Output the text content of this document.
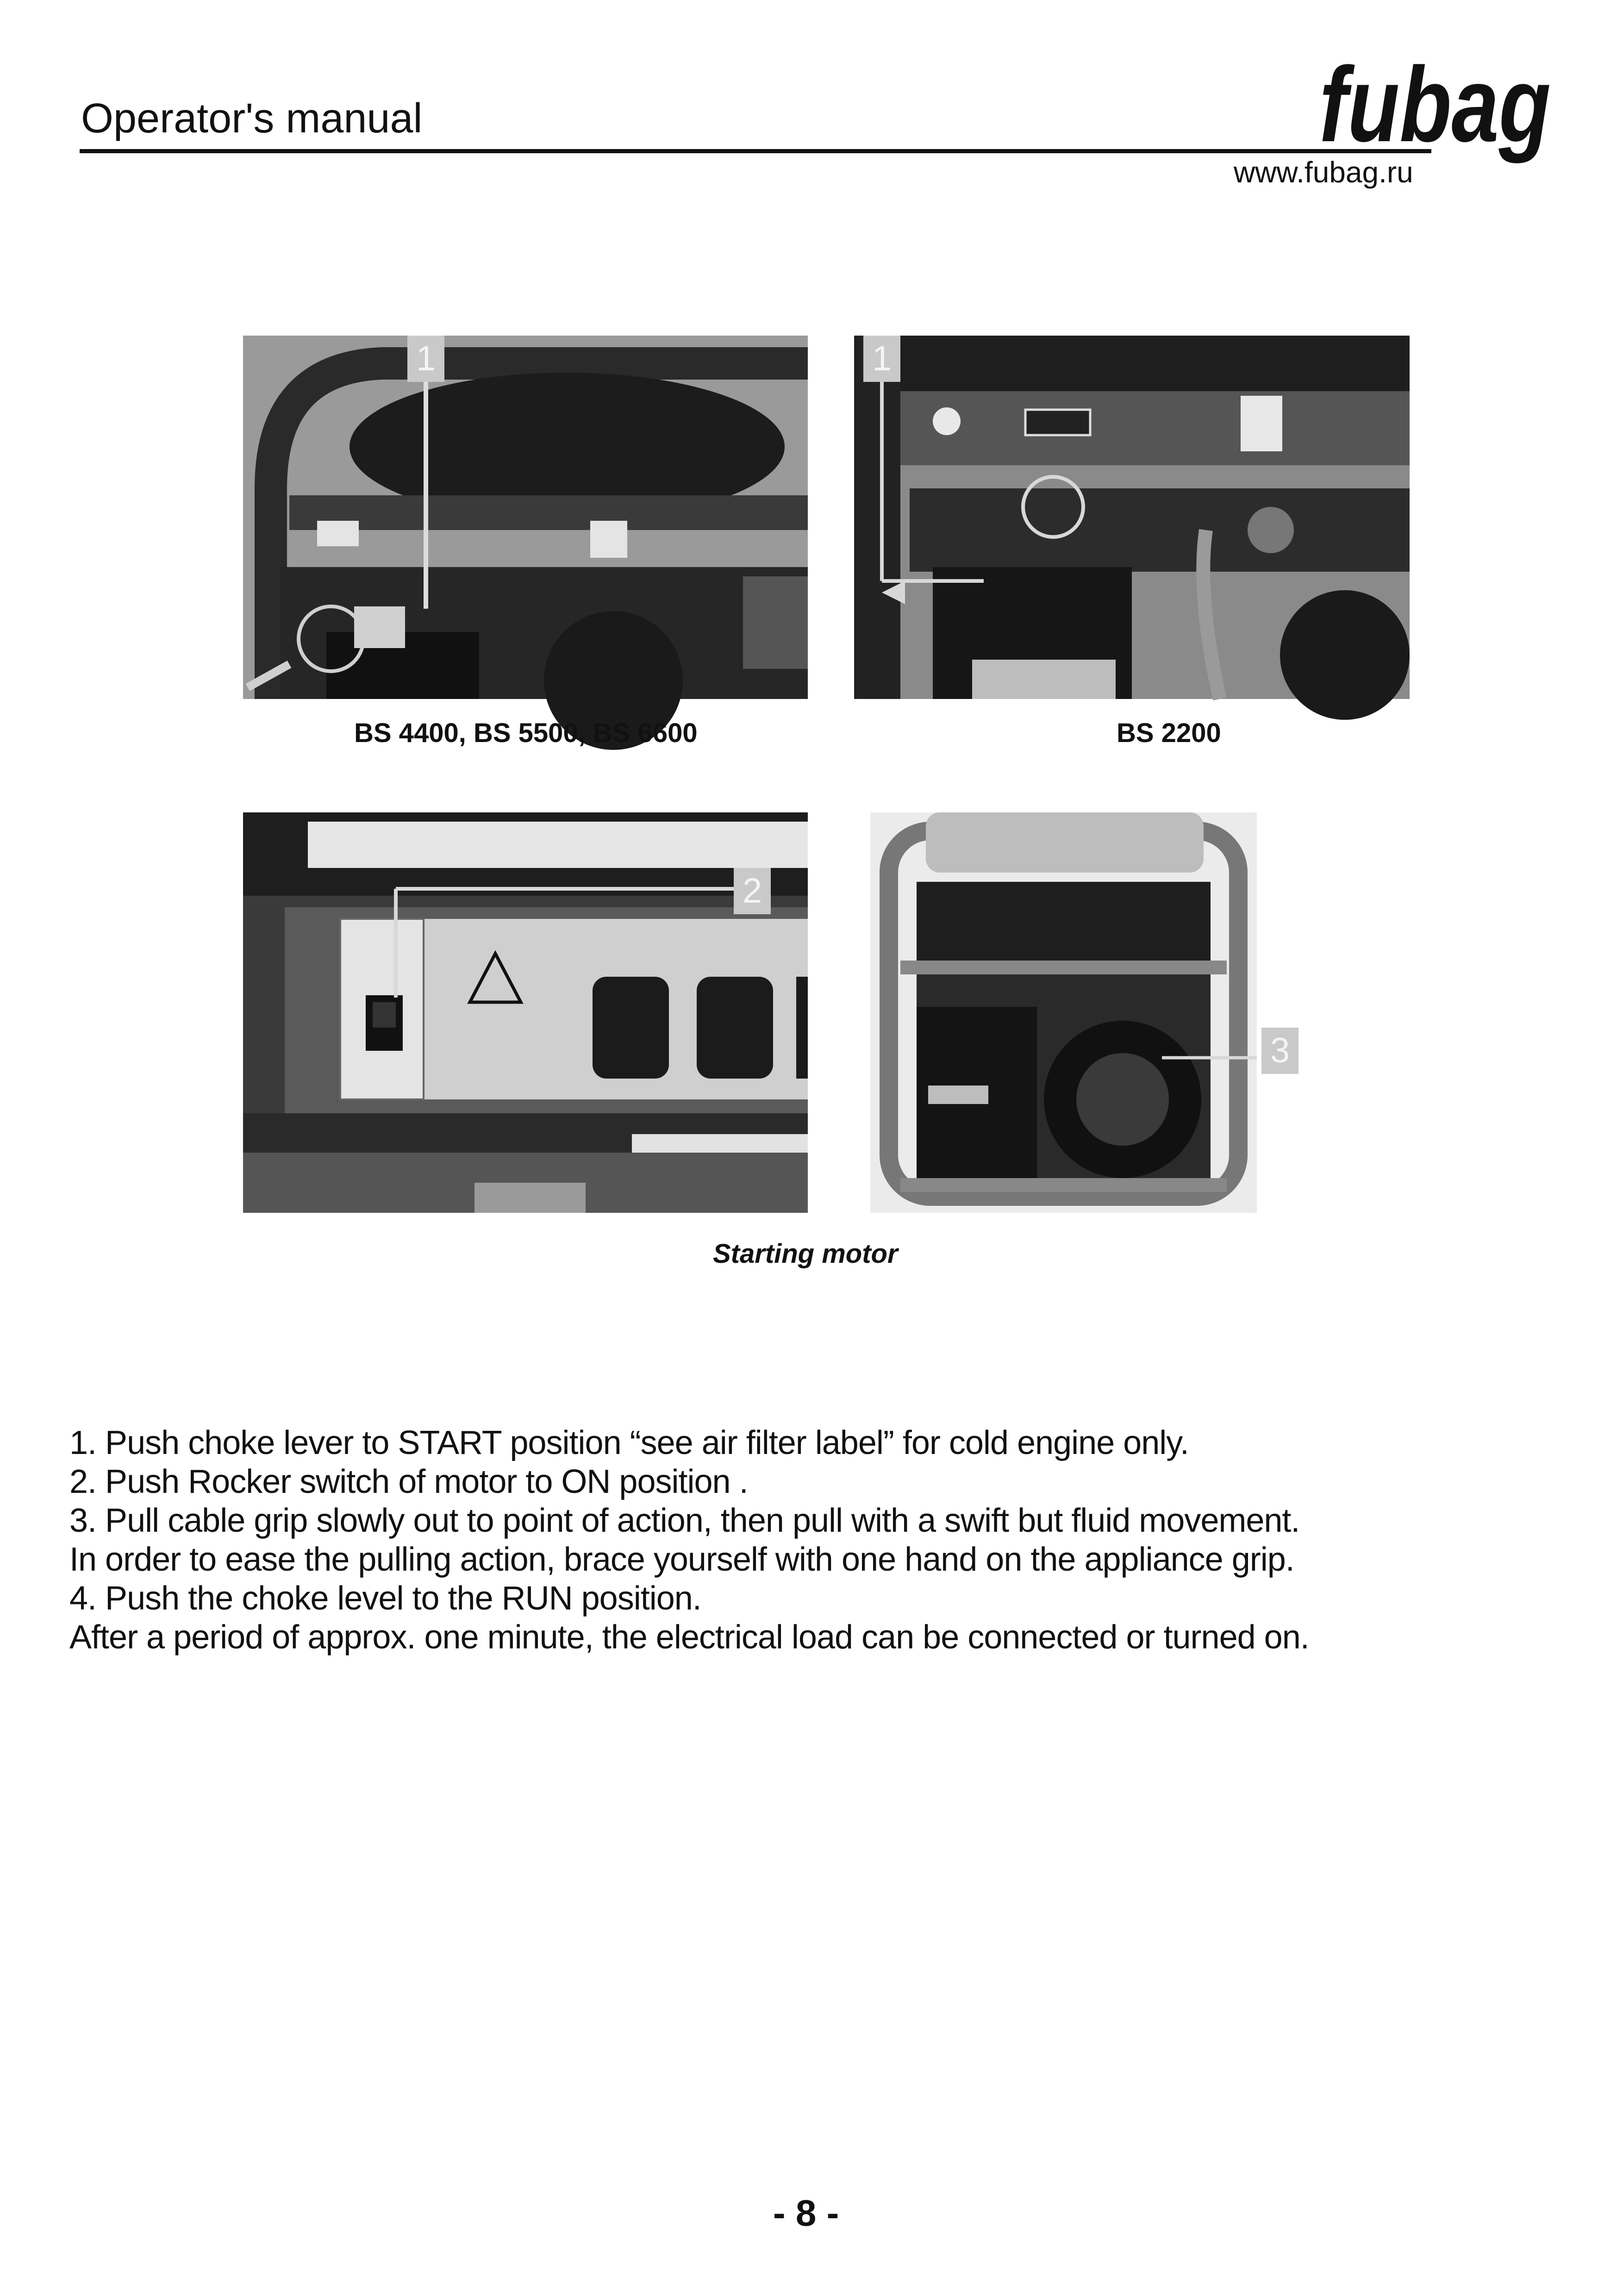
Operator's manual
www.fubag.ru
fubag
1
BS 4400, BS 5500, BS 6600
1
BS 2200
2
3
Starting motor

1. Push choke lever to START position “see air filter label” for cold engine only.

2. Push Rocker switch of motor to ON position .

3. Pull cable grip slowly out to point of action, then pull with a swift but fluid movement.

In order to ease the pulling action, brace yourself with one hand on the appliance grip.

4. Push the choke level to the RUN position.

After a period of approx. one minute, the electrical load can be connected or turned on.

- 8 -
